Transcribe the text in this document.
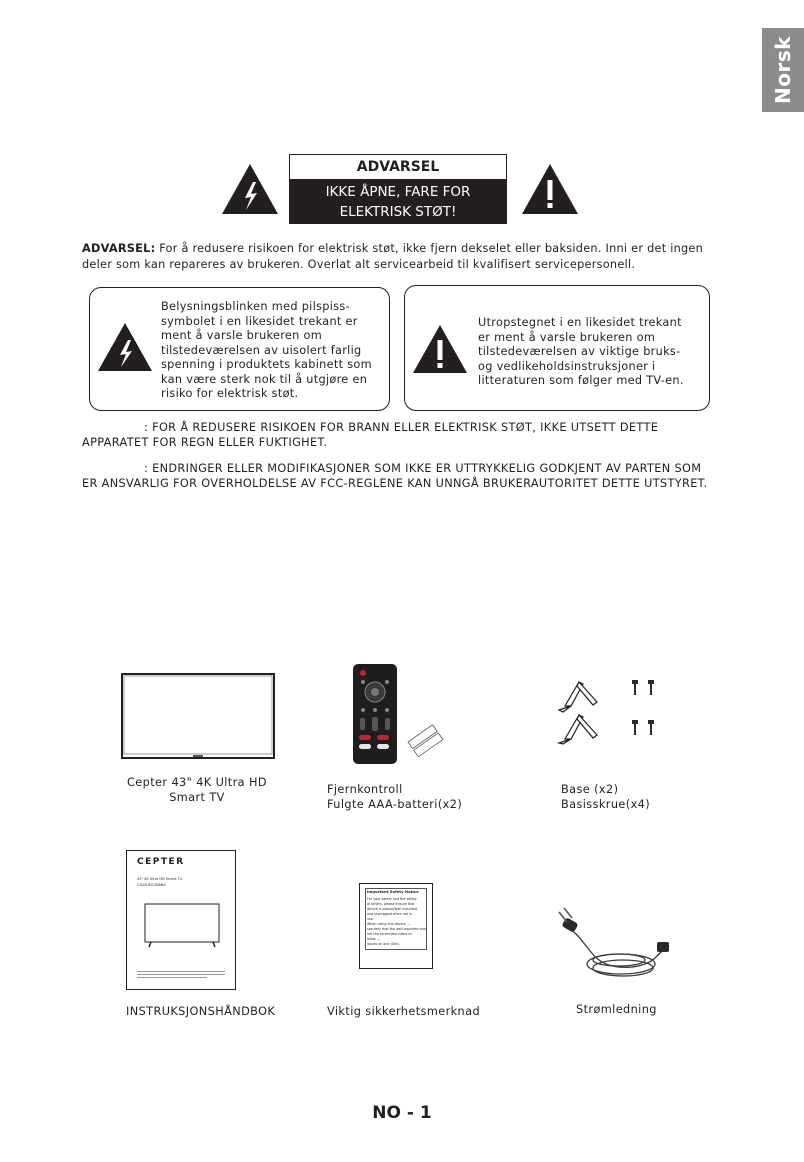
Norsk
ADVARSEL
IKKE ÅPNE, FARE FOR
ELEKTRISK STØT!
ADVARSEL: For å redusere risikoen for elektrisk støt, ikke fjern dekselet eller baksiden. Inni er det ingen
deler som kan repareres av brukeren. Overlat alt servicearbeid til kvalifisert servicepersonell.
Belysningsblinken med pilspiss-
symbolet i en likesidet trekant er
ment å varsle brukeren om
tilstedeværelsen av uisolert farlig
spenning i produktets kabinett som
kan være sterk nok til å utgjøre en
risiko for elektrisk støt.
Utropstegnet i en likesidet trekant
er ment å varsle brukeren om
tilstedeværelsen av viktige bruks-
og vedlikeholdsinstruksjoner i
litteraturen som følger med TV-en.
: FOR Å REDUSERE RISIKOEN FOR BRANN ELLER ELEKTRISK STØT, IKKE UTSETT DETTE
APPARATET FOR REGN ELLER FUKTIGHET.
: ENDRINGER ELLER MODIFIKASJONER SOM IKKE ER UTTRYKKELIG GODKJENT AV PARTEN SOM
ER ANSVARLIG FOR OVERHOLDELSE AV FCC-REGLENE KAN UNNGÅ BRUKERAUTORITET DETTE UTSTYRET.
Cepter 43" 4K Ultra HD
Smart TV
Fjernkontroll
Fulgte AAA-batteri(x2)
Base (x2)
Basisskrue(x4)
CEPTER
43" 4K Ultra HD Smart TV
CS43UEG3D8NA
INSTRUKSJONSHÅNDBOK
Important Safety Notice
For your safety and the safety
of others, please ensure that
device is placed/wall mounted
and unplugged when not in
use.
When using this device, ...
securely that the wall mounted and
not the screen/the cable to
allow ...
issues on one (Sec).
Viktig sikkerhetsmerknad	Strømledning
NO - 1
